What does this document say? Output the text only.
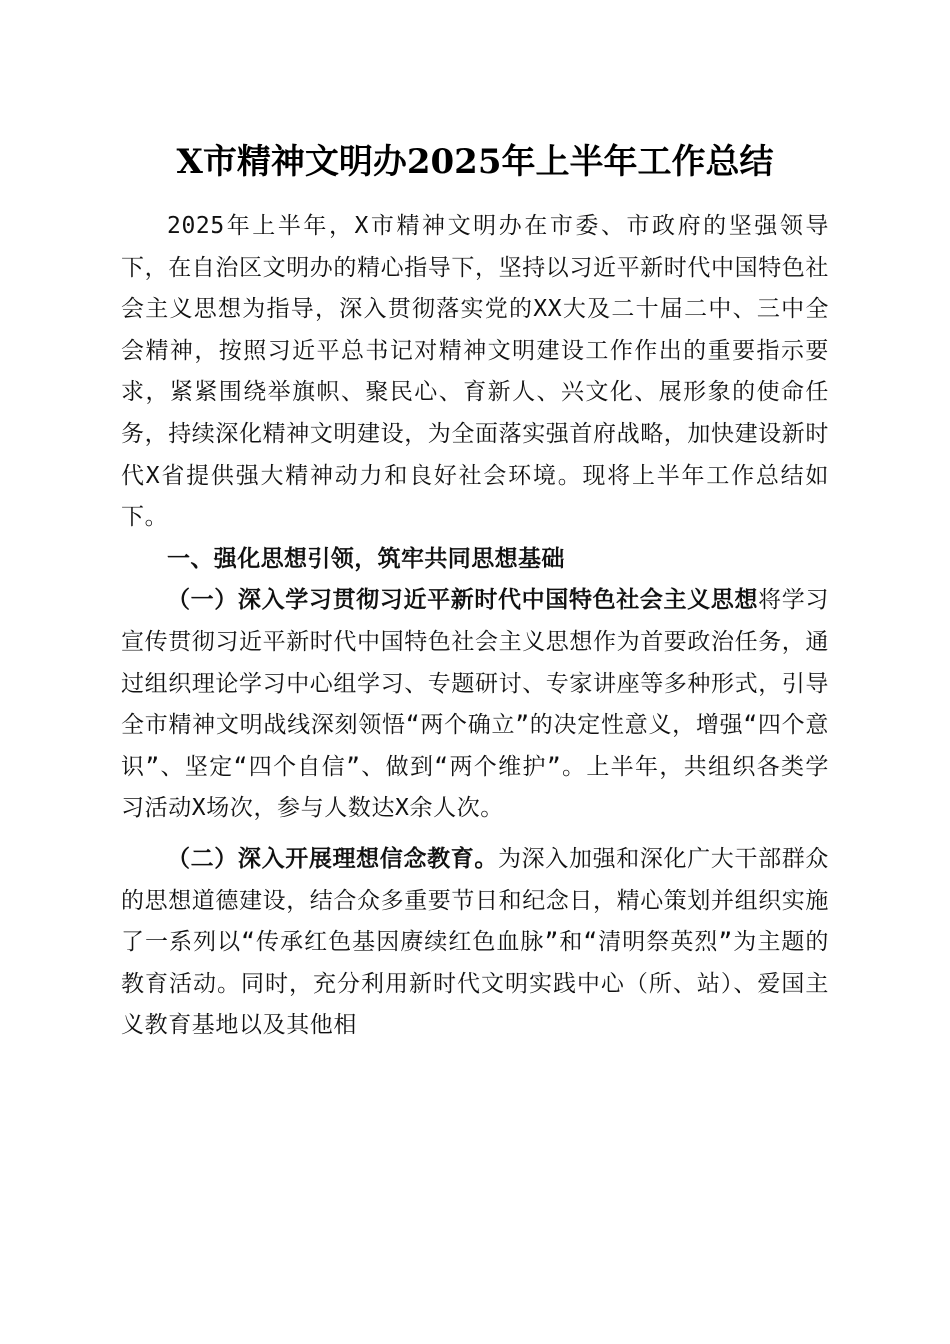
X市精神文明办2025年上半年工作总结

2025年上半年，X市精神文明办在市委、市政府的坚强领导下，在自治区文明办的精心指导下，坚持以习近平新时代中国特色社会主义思想为指导，深入贯彻落实党的XX大及二十届二中、三中全会精神，按照习近平总书记对精神文明建设工作作出的重要指示要求，紧紧围绕举旗帜、聚民心、育新人、兴文化、展形象的使命任务，持续深化精神文明建设，为全面落实强首府战略，加快建设新时代X省提供强大精神动力和良好社会环境。现将上半年工作总结如下。

一、强化思想引领，筑牢共同思想基础

（一）深入学习贯彻习近平新时代中国特色社会主义思想将学习宣传贯彻习近平新时代中国特色社会主义思想作为首要政治任务，通过组织理论学习中心组学习、专题研讨、专家讲座等多种形式，引导全市精神文明战线深刻领悟“两个确立”的决定性意义，增强“四个意识”、坚定“四个自信”、做到“两个维护”。上半年，共组织各类学习活动X场次，参与人数达X余人次。

（二）深入开展理想信念教育。为深入加强和深化广大干部群众的思想道德建设，结合众多重要节日和纪念日，精心策划并组织实施了一系列以“传承红色基因赓续红色血脉”和“清明祭英烈”为主题的教育活动。同时，充分利用新时代文明实践中心（所、站）、爱国主义教育基地以及其他相
